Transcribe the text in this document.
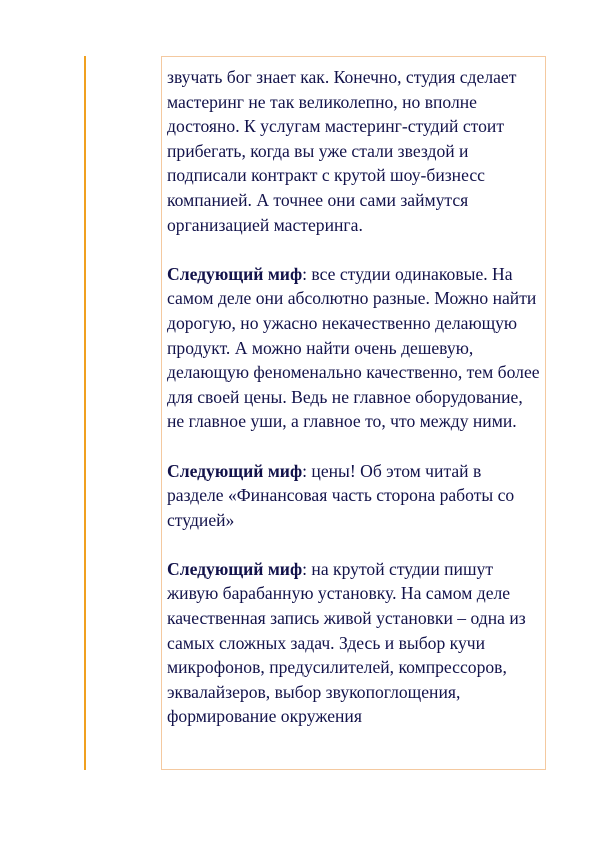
звучать бог знает как. Конечно, студия сделает мастеринг не так великолепно, но вполне достояно. К услугам мастеринг-студий стоит прибегать, когда вы уже стали звездой и подписали контракт с крутой шоу-бизнесс компанией. А точнее они сами займутся организацией мастеринга.

Следующий миф: все студии одинаковые. На самом деле они абсолютно разные. Можно найти дорогую, но ужасно некачественно делающую продукт. А можно найти очень дешевую, делающую феноменально качественно, тем более для своей цены. Ведь не главное оборудование, не главное уши, а главное то, что между ними.

Следующий миф: цены! Об этом читай в разделе «Финансовая часть сторона работы со студией»

Следующий миф: на крутой студии пишут живую барабанную установку. На самом деле качественная запись живой установки – одна из самых сложных задач. Здесь и выбор кучи микрофонов, предусилителей, компрессоров, эквалайзеров, выбор звукопоглощения, формирование окружения
